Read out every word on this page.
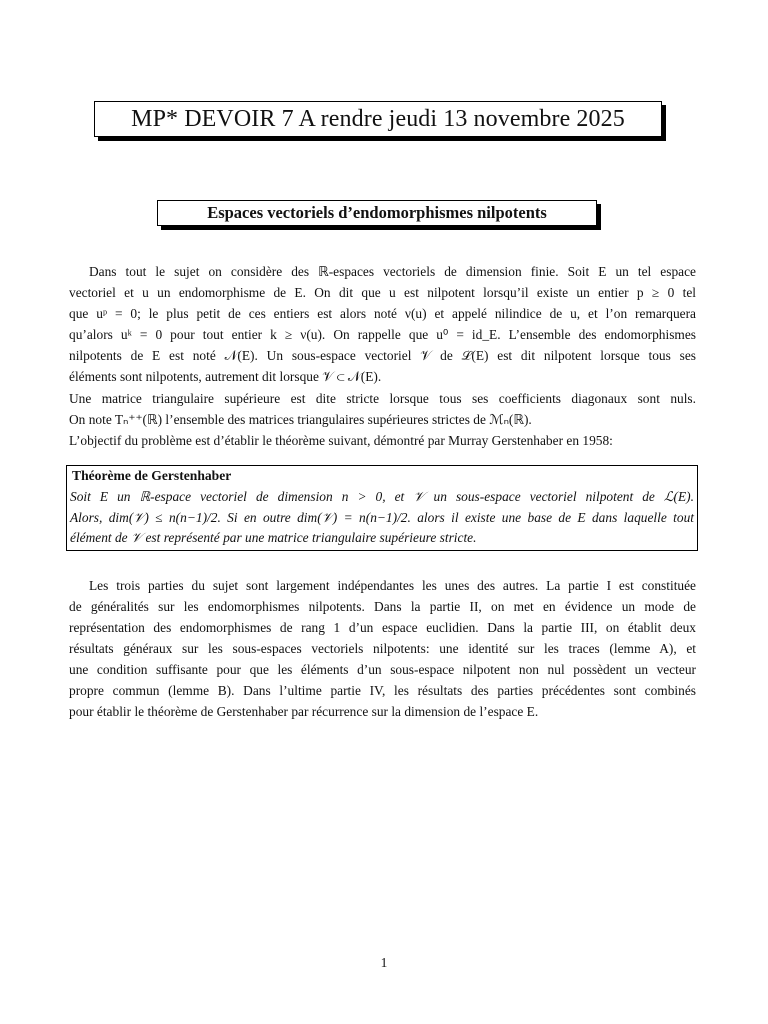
MP* DEVOIR 7 A rendre jeudi 13 novembre 2025
Espaces vectoriels d’endomorphismes nilpotents

Dans tout le sujet on considère des ℝ-espaces vectoriels de dimension finie. Soit E un tel espace

vectoriel et u un endomorphisme de E. On dit que u est nilpotent lorsqu’il existe un entier p ≥ 0 tel

que uᵖ = 0; le plus petit de ces entiers est alors noté ν(u) et appelé nilindice de u, et l’on remarquera

qu’alors uᵏ = 0 pour tout entier k ≥ ν(u). On rappelle que u⁰ = id_E. L’ensemble des endomorphismes

nilpotents de E est noté 𝒩(E). Un sous-espace vectoriel 𝒱 de ℒ(E) est dit nilpotent lorsque tous ses

éléments sont nilpotents, autrement dit lorsque 𝒱 ⊂ 𝒩(E).

Une matrice triangulaire supérieure est dite stricte lorsque tous ses coefficients diagonaux sont nuls.

On note Tₙ⁺⁺(ℝ) l’ensemble des matrices triangulaires supérieures strictes de ℳₙ(ℝ).

L’objectif du problème est d’établir le théorème suivant, démontré par Murray Gerstenhaber en 1958:

Théorème de Gerstenhaber

Soit E un ℝ-espace vectoriel de dimension n > 0, et 𝒱 un sous-espace vectoriel nilpotent de ℒ(E).

Alors, dim(𝒱) ≤ n(n−1)/2. Si en outre dim(𝒱) = n(n−1)/2. alors il existe une base de E dans laquelle tout

élément de 𝒱 est représenté par une matrice triangulaire supérieure stricte.

Les trois parties du sujet sont largement indépendantes les unes des autres. La partie I est constituée

de généralités sur les endomorphismes nilpotents. Dans la partie II, on met en évidence un mode de

représentation des endomorphismes de rang 1 d’un espace euclidien. Dans la partie III, on établit deux

résultats généraux sur les sous-espaces vectoriels nilpotents: une identité sur les traces (lemme A), et

une condition suffisante pour que les éléments d’un sous-espace nilpotent non nul possèdent un vecteur

propre commun (lemme B). Dans l’ultime partie IV, les résultats des parties précédentes sont combinés

pour établir le théorème de Gerstenhaber par récurrence sur la dimension de l’espace E.

1
